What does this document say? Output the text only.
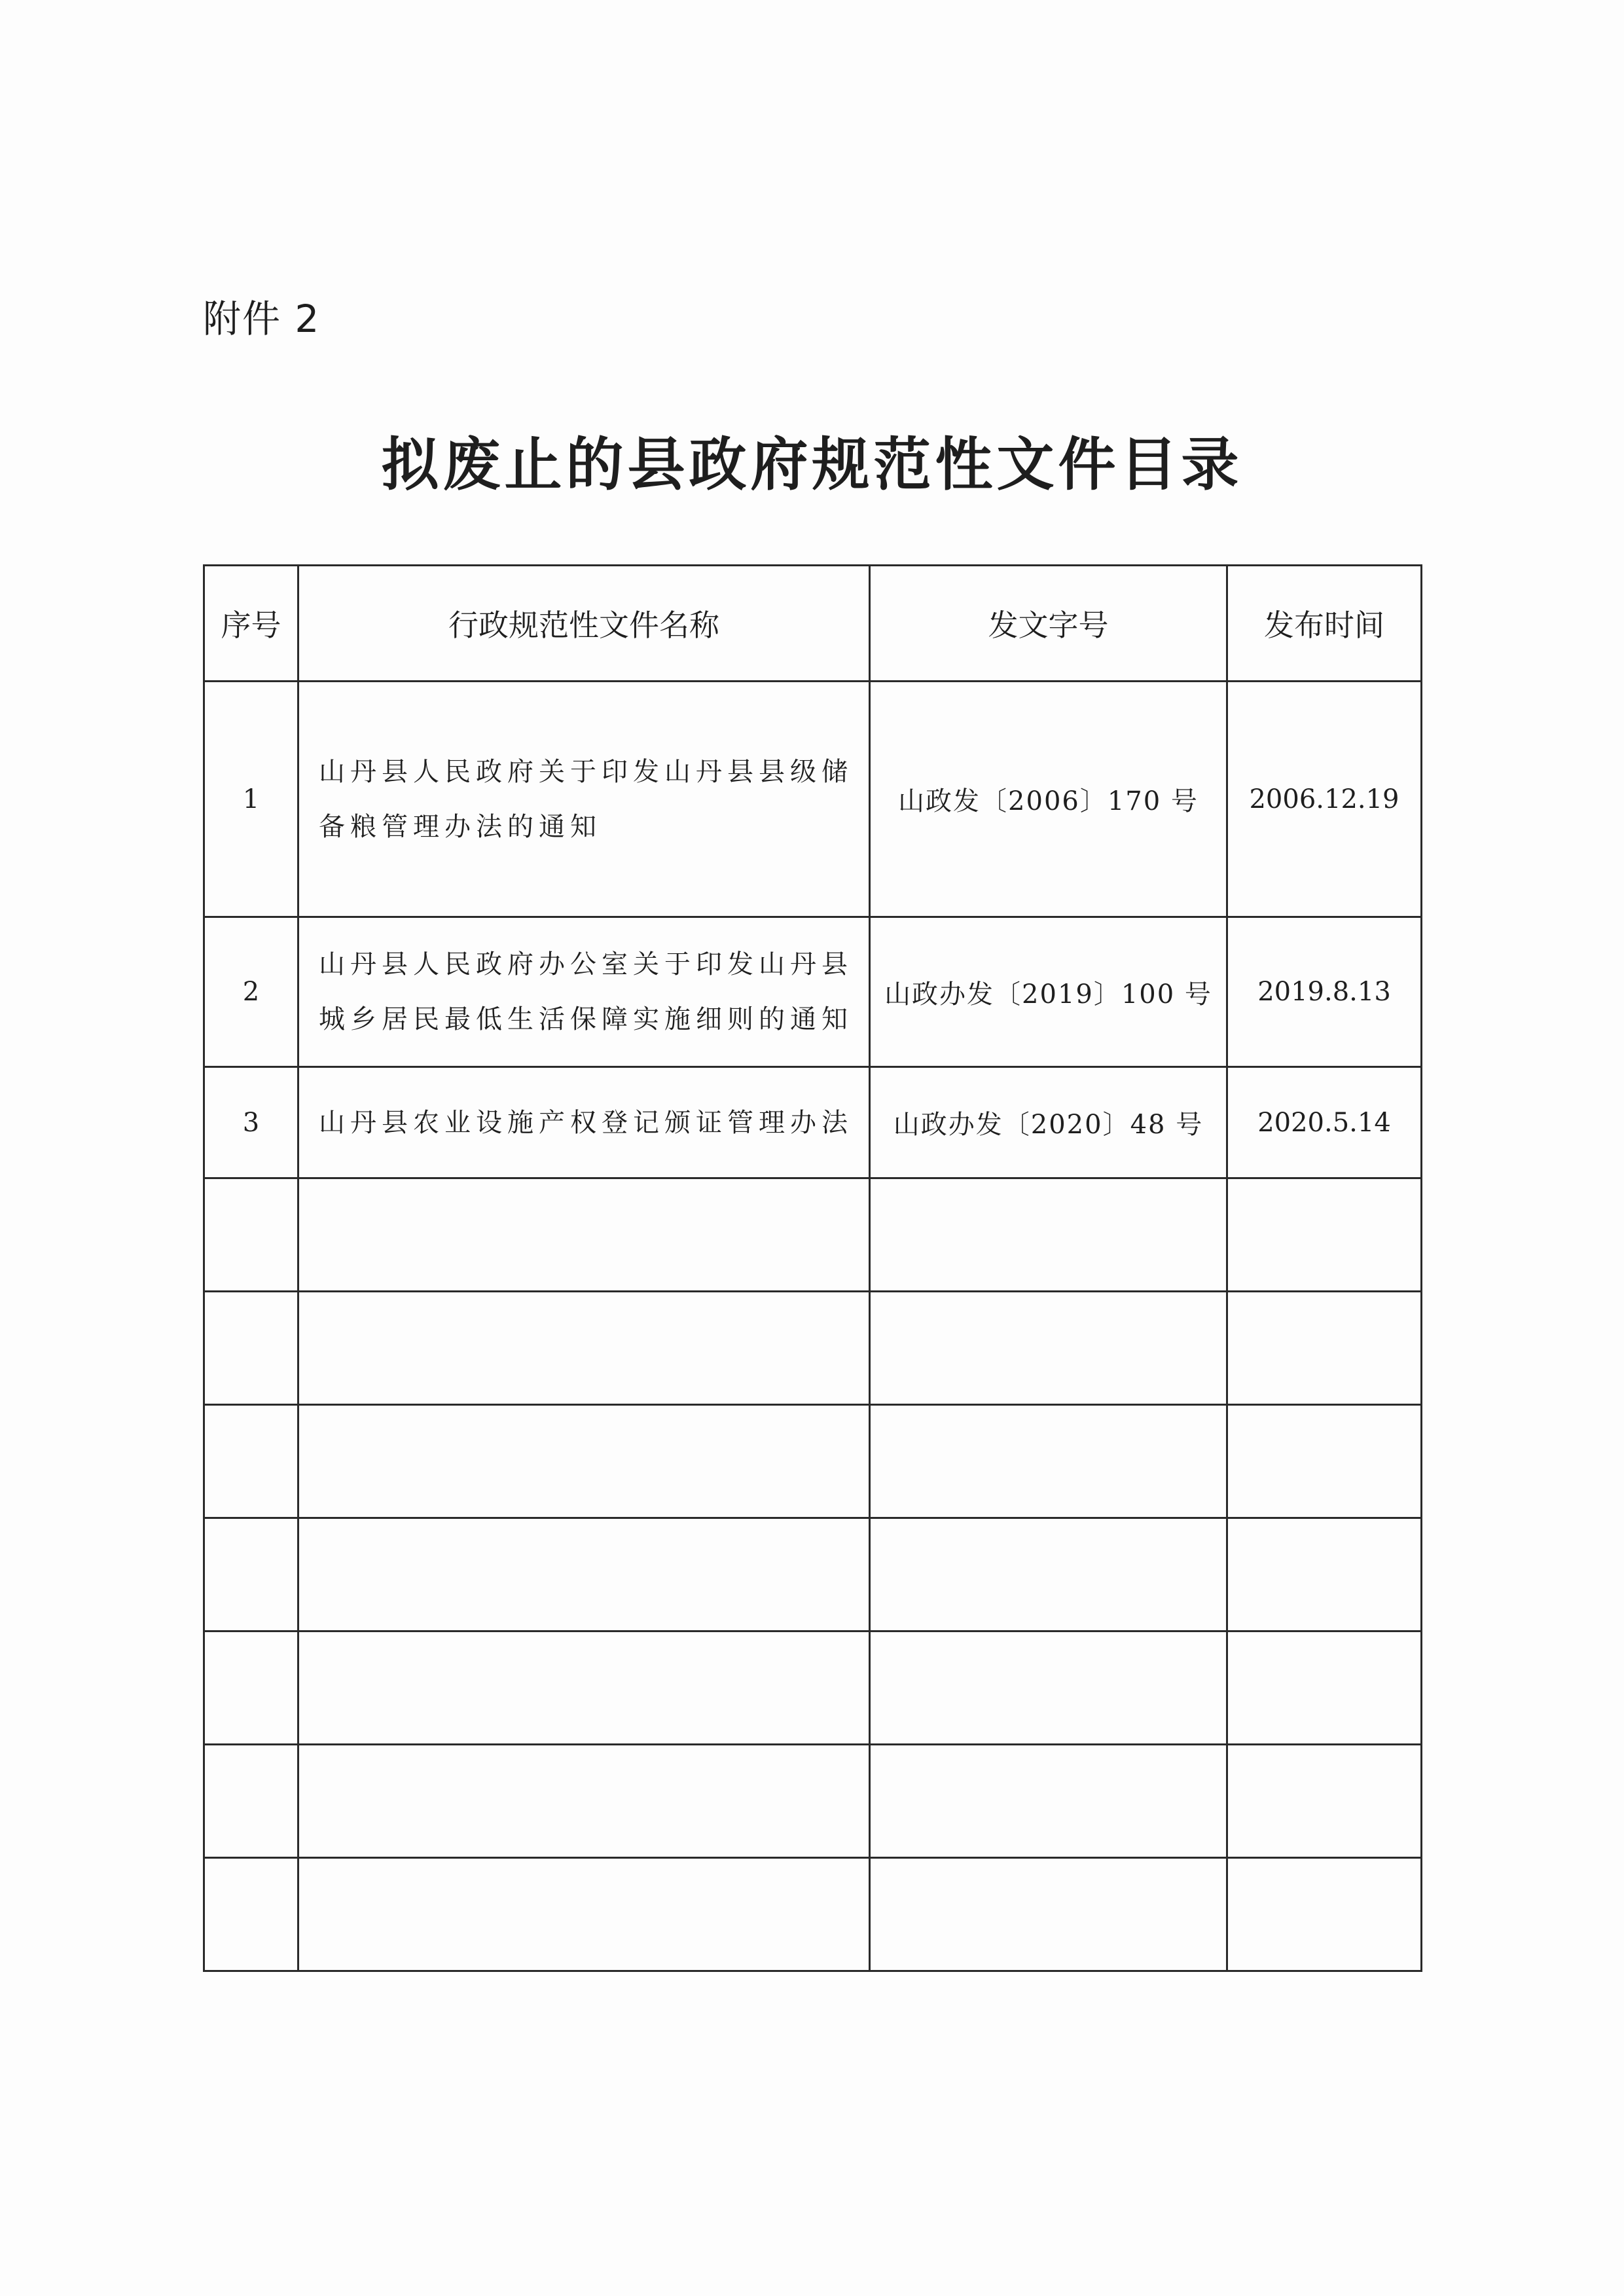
附件 2
拟废止的县政府规范性文件目录
序号	行政规范性文件名称	发文字号	发布时间
1	山丹县人民政府关于印发山丹县县级储备粮管理办法的通知	山政发〔2006〕170 号	2006.12.19
2	山丹县人民政府办公室关于印发山丹县城乡居民最低生活保障实施细则的通知	山政办发〔2019〕100 号	2019.8.13
3	山丹县农业设施产权登记颁证管理办法	山政办发〔2020〕48 号	2020.5.14
